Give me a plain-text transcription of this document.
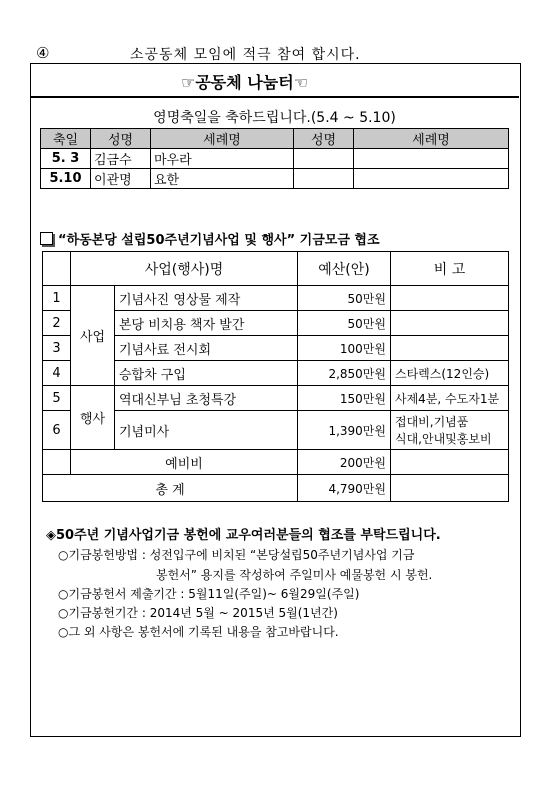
④	소공동체 모임에 적극 참여 합시다.
☞공동체 나눔터☜
영명축일을 축하드립니다.(5.4 ~ 5.10)
축일	성명	세례명	성명	세례명
5. 3	김금수	마우라		
5.10	이관명	요한		
“하동본당 설립50주년기념사업 및 행사” 기금모금 협조
	사업(행사)명		예산(안)	비 고
1	사업	기념사진 영상물 제작	50만원	
2		본당 비치용 책자 발간	50만원	
3		기념사료 전시회	100만원	
4		승합차 구입	2,850만원	스타렉스(12인승)
5	행사	역대신부님 초청특강	150만원	사제4분, 수도자1분
6		기념미사	1,390만원	접대비,기념품
식대,안내및홍보비

	예비비		200만원	
총 계			4,790만원	
◈50주년 기념사업기금 봉헌에 교우여러분들의 협조를 부탁드립니다.
○기금봉헌방법 : 성전입구에 비치된 “본당설립50주년기념사업 기금
봉헌서” 용지를 작성하여 주일미사 예물봉헌 시 봉헌.
○기금봉헌서 제출기간 : 5월11일(주일)~ 6월29일(주일)
○기금봉헌기간 : 2014년 5월 ~ 2015년 5월(1년간)
○그 외 사항은 봉헌서에 기록된 내용을 참고바랍니다.
